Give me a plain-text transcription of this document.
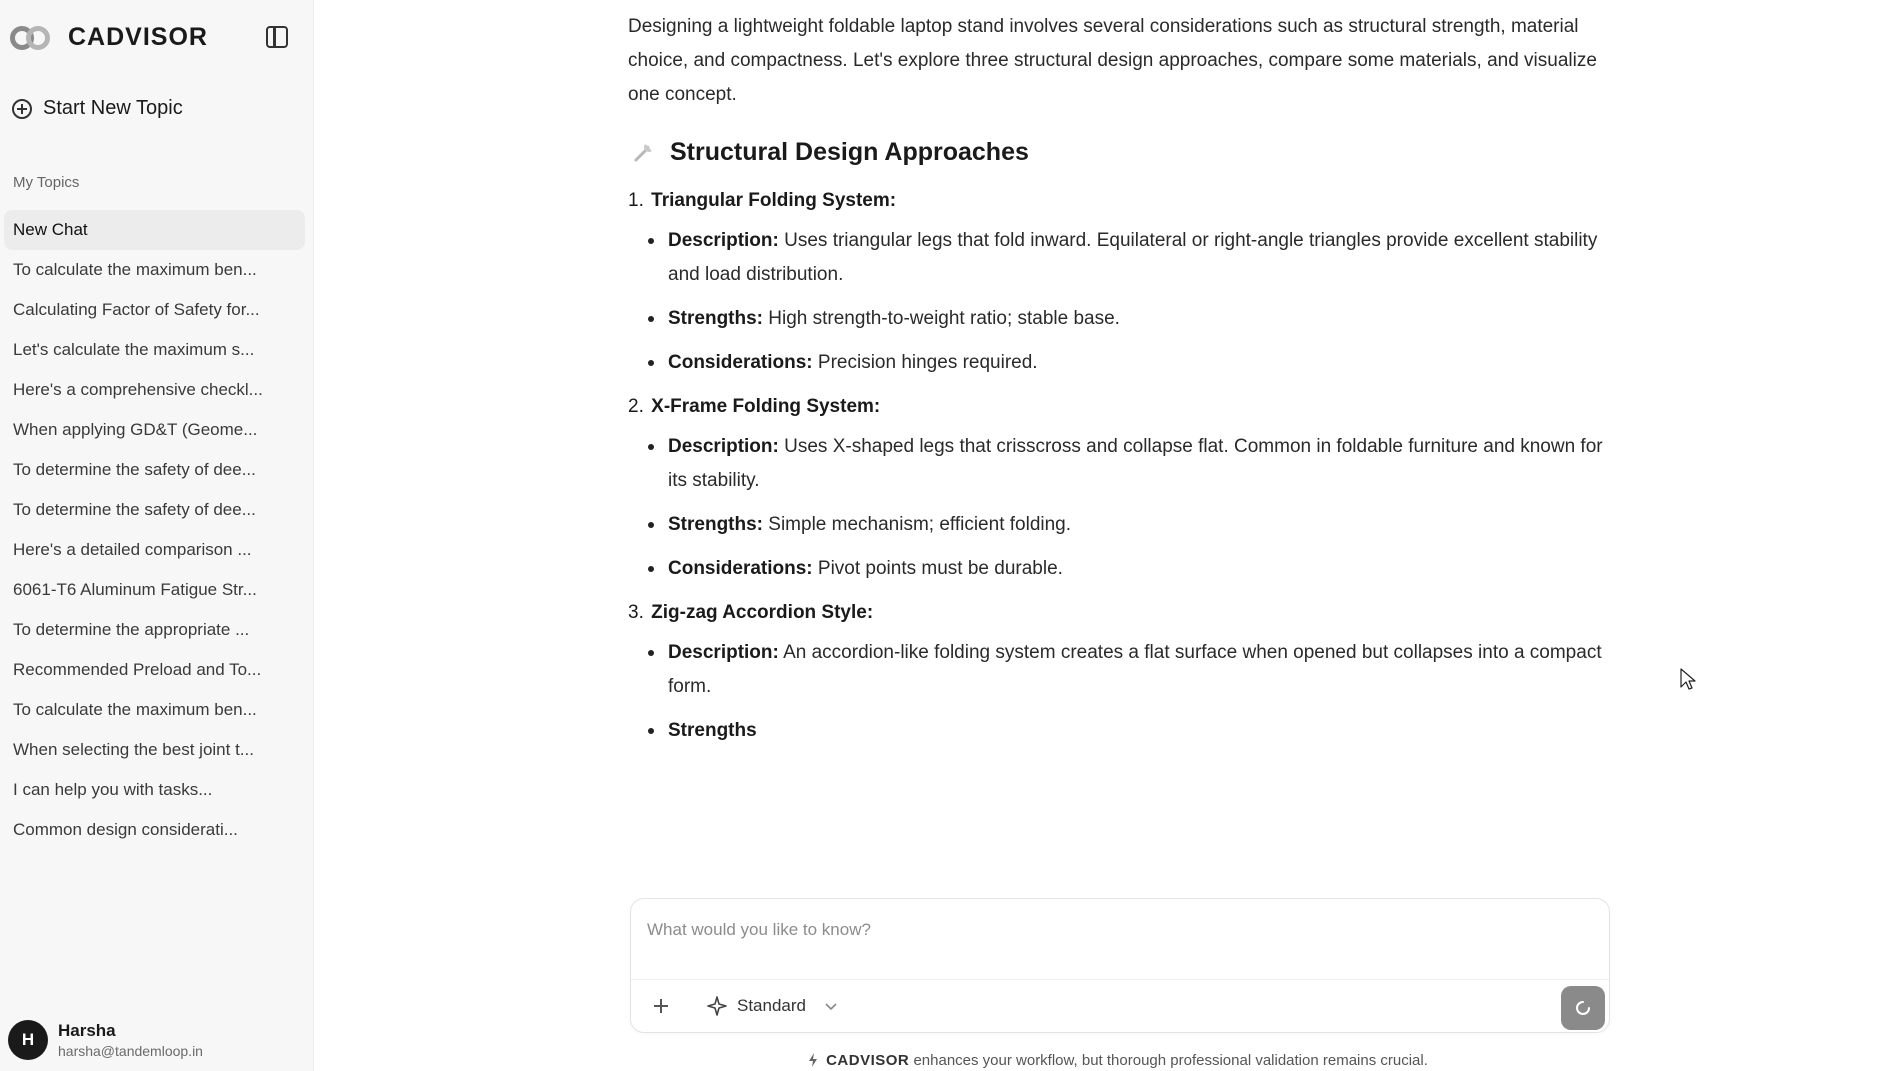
CADVISOR
Start New Topic
My Topics
New Chat
To calculate the maximum ben...
Calculating Factor of Safety for...
Let's calculate the maximum s...
Here's a comprehensive checkl...
When applying GD&T (Geome...
To determine the safety of dee...
To determine the safety of dee...
Here's a detailed comparison ...
6061-T6 Aluminum Fatigue Str...
To determine the appropriate ...
Recommended Preload and To...
To calculate the maximum ben...
When selecting the best joint t...
I can help you with tasks...
Common design considerati...
H	Harsha
harsha@tandemloop.in

Designing a lightweight foldable laptop stand involves several considerations such as structural strength, material choice, and compactness. Let's explore three structural design approaches, compare some materials, and visualize one concept.

Structural Design Approaches
1. Triangular Folding System:
Description: Uses triangular legs that fold inward. Equilateral or right-angle triangles provide excellent stability and load distribution.
Strengths: High strength-to-weight ratio; stable base.
Considerations: Precision hinges required.
2. X-Frame Folding System:
Description: Uses X-shaped legs that crisscross and collapse flat. Common in foldable furniture and known for its stability.
Strengths: Simple mechanism; efficient folding.
Considerations: Pivot points must be durable.
3. Zig-zag Accordion Style:
Description: An accordion-like folding system creates a flat surface when opened but collapses into a compact form.
Strengths
What would you like to know?
Standard
CADVISOR enhances your workflow, but thorough professional validation remains crucial.
